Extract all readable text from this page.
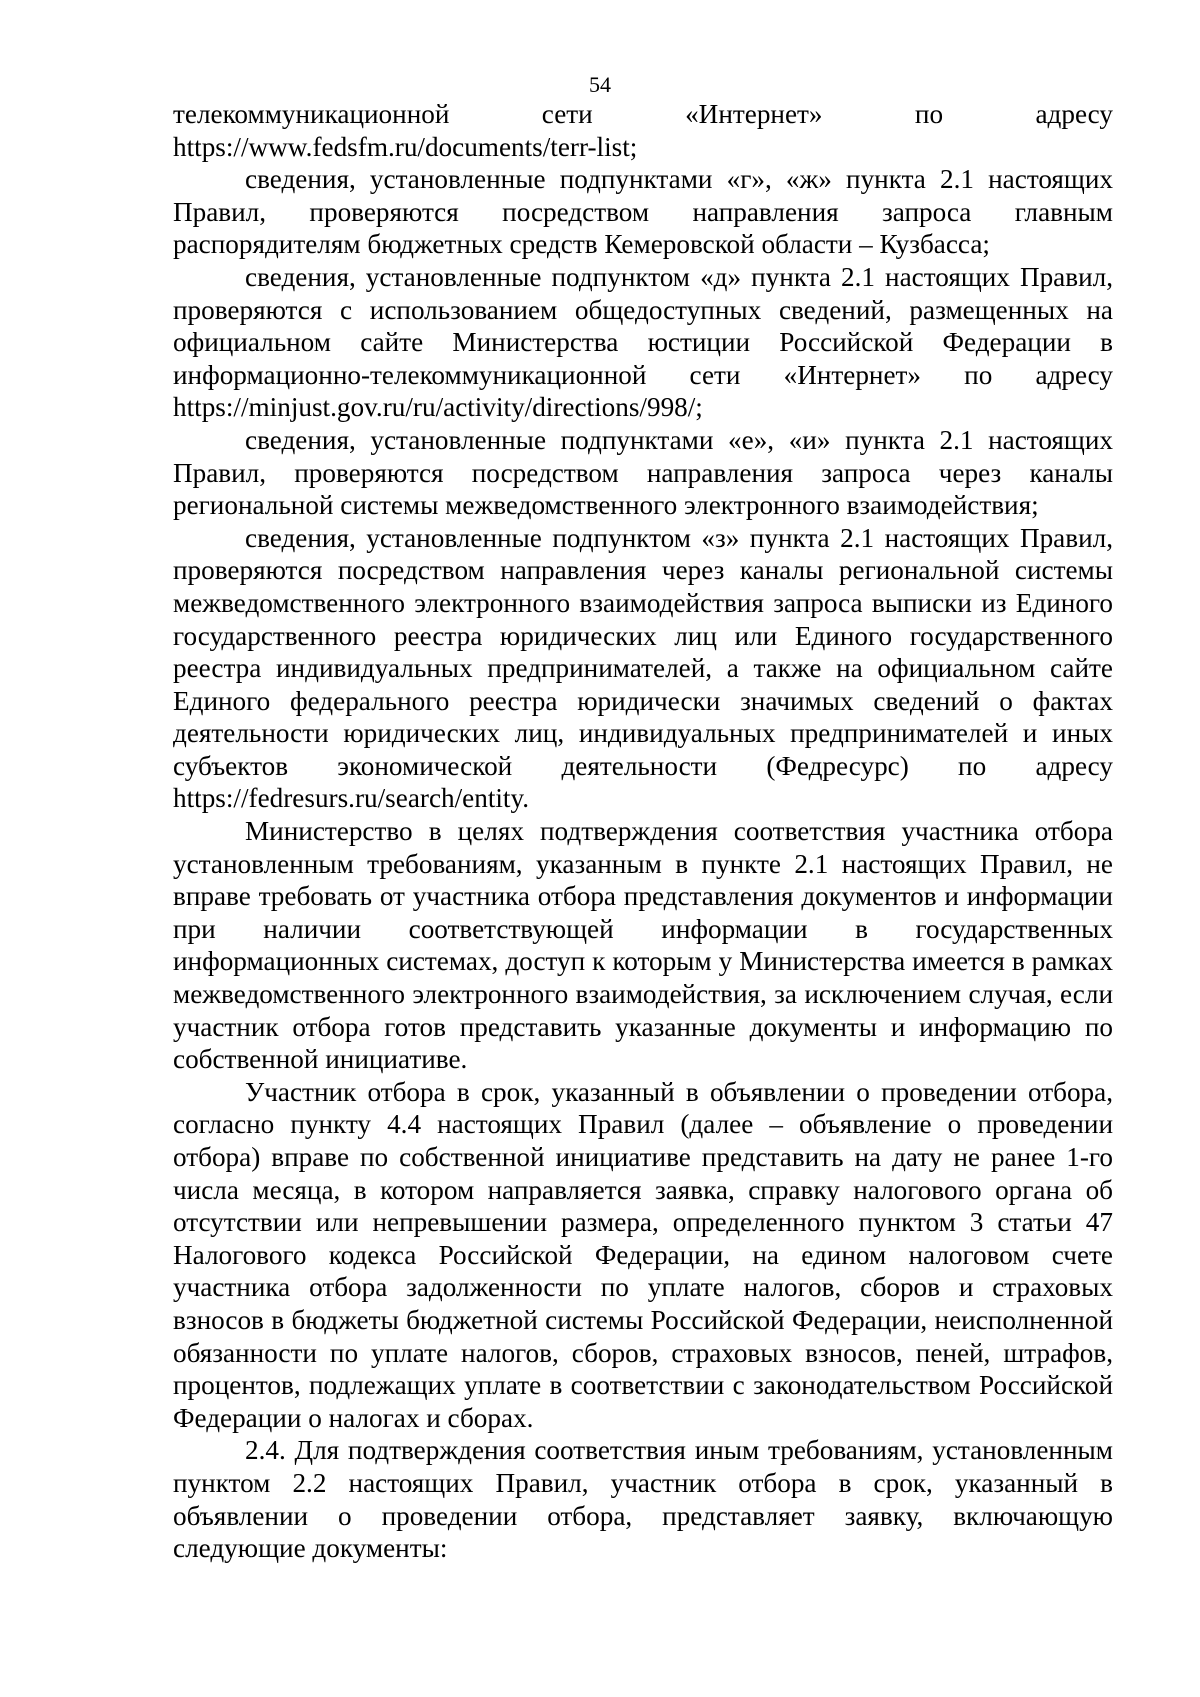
54
телекоммуникационной сети «Интернет» по адресу
https://www.fedsfm.ru/documents/terr-list;

сведения, установленные подпунктами «г», «ж» пункта 2.1 настоящих Правил, проверяются посредством направления запроса главным распорядителям бюджетных средств Кемеровской области – Кузбасса;

сведения, установленные подпунктом «д» пункта 2.1 настоящих Правил, проверяются с использованием общедоступных сведений, размещенных на официальном сайте Министерства юстиции Российской Федерации в информационно-телекоммуникационной сети «Интернет» по адресу https://minjust.gov.ru/ru/activity/directions/998/;

сведения, установленные подпунктами «е», «и» пункта 2.1 настоящих Правил, проверяются посредством направления запроса через каналы региональной системы межведомственного электронного взаимодействия;

сведения, установленные подпунктом «з» пункта 2.1 настоящих Правил, проверяются посредством направления через каналы региональной системы межведомственного электронного взаимодействия запроса выписки из Единого государственного реестра юридических лиц или Единого государственного реестра индивидуальных предпринимателей, а также на официальном сайте Единого федерального реестра юридически значимых сведений о фактах деятельности юридических лиц, индивидуальных предпринимателей и иных субъектов экономической деятельности (Федресурс) по адресу https://fedresurs.ru/search/entity.

Министерство в целях подтверждения соответствия участника отбора установленным требованиям, указанным в пункте 2.1 настоящих Правил, не вправе требовать от участника отбора представления документов и информации при наличии соответствующей информации в государственных информационных системах, доступ к которым у Министерства имеется в рамках межведомственного электронного взаимодействия, за исключением случая, если участник отбора готов представить указанные документы и информацию по собственной инициативе.

Участник отбора в срок, указанный в объявлении о проведении отбора, согласно пункту 4.4 настоящих Правил (далее – объявление о проведении отбора) вправе по собственной инициативе представить на дату не ранее 1-го числа месяца, в котором направляется заявка, справку налогового органа об отсутствии или непревышении размера, определенного пунктом 3 статьи 47 Налогового кодекса Российской Федерации, на едином налоговом счете участника отбора задолженности по уплате налогов, сборов и страховых взносов в бюджеты бюджетной системы Российской Федерации, неисполненной обязанности по уплате налогов, сборов, страховых взносов, пеней, штрафов, процентов, подлежащих уплате в соответствии с законодательством Российской Федерации о налогах и сборах.

2.4. Для подтверждения соответствия иным требованиям, установленным пунктом 2.2 настоящих Правил, участник отбора в срок, указанный в объявлении о проведении отбора, представляет заявку, включающую следующие документы:
